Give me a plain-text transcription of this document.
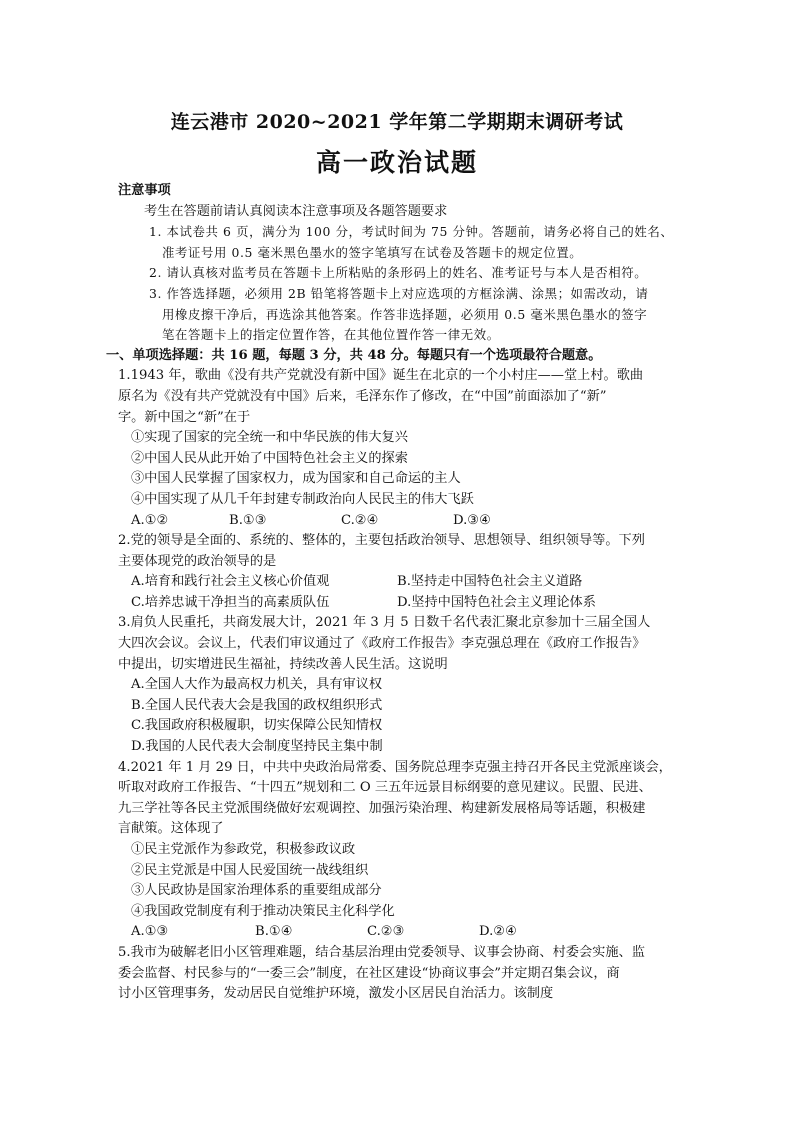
连云港市 2020~2021 学年第二学期期末调研考试
高一政治试题
注意事项
考生在答题前请认真阅读本注意事项及各题答题要求
1. 本试卷共 6 页，满分为 100 分，考试时间为 75 分钟。答题前，请务必将自己的姓名、
准考证号用 0.5 毫米黑色墨水的签字笔填写在试卷及答题卡的规定位置。
2. 请认真核对监考员在答题卡上所粘贴的条形码上的姓名、准考证号与本人是否相符。
3. 作答选择题，必须用 2B 铅笔将答题卡上对应选项的方框涂满、涂黑；如需改动，请
用橡皮擦干净后，再选涂其他答案。作答非选择题，必须用 0.5 毫米黑色墨水的签字
笔在答题卡上的指定位置作答，在其他位置作答一律无效。
一、单项选择题：共 16 题，每题 3 分，共 48 分。每题只有一个选项最符合题意。
1.1943 年，歌曲《没有共产党就没有新中国》诞生在北京的一个小村庄——堂上村。歌曲
原名为《没有共产党就没有中国》后来，毛泽东作了修改，在“中国”前面添加了“新”
字。新中国之“新”在于
①实现了国家的完全统一和中华民族的伟大复兴
②中国人民从此开始了中国特色社会主义的探索
③中国人民掌握了国家权力，成为国家和自己命运的主人
④中国实现了从几千年封建专制政治向人民民主的伟大飞跃
A.①②	B.①③	C.②④	D.③④
2.党的领导是全面的、系统的、整体的，主要包括政治领导、思想领导、组织领导等。下列
主要体现党的政治领导的是
A.培育和践行社会主义核心价值观	B.坚持走中国特色社会主义道路
C.培养忠诚干净担当的高素质队伍	D.坚持中国特色社会主义理论体系
3.肩负人民重托，共商发展大计，2021 年 3 月 5 日数千名代表汇聚北京参加十三届全国人
大四次会议。会议上，代表们审议通过了《政府工作报告》李克强总理在《政府工作报告》
中提出，切实增进民生福祉，持续改善人民生活。这说明
A.全国人大作为最高权力机关，具有审议权
B.全国人民代表大会是我国的政权组织形式
C.我国政府积极履职，切实保障公民知情权
D.我国的人民代表大会制度坚持民主集中制
4.2021 年 1 月 29 日，中共中央政治局常委、国务院总理李克强主持召开各民主党派座谈会，
听取对政府工作报告、“十四五”规划和二 O 三五年远景目标纲要的意见建议。民盟、民进、
九三学社等各民主党派围绕做好宏观调控、加强污染治理、构建新发展格局等话题，积极建
言献策。这体现了
①民主党派作为参政党，积极参政议政
②民主党派是中国人民爱国统一战线组织
③人民政协是国家治理体系的重要组成部分
④我国政党制度有利于推动决策民主化科学化
A.①③	B.①④	C.②③	D.②④
5.我市为破解老旧小区管理难题，结合基层治理由党委领导、议事会协商、村委会实施、监
委会监督、村民参与的“一委三会”制度，在社区建设“协商议事会”并定期召集会议，商
讨小区管理事务，发动居民自觉维护环境，激发小区居民自治活力。该制度
